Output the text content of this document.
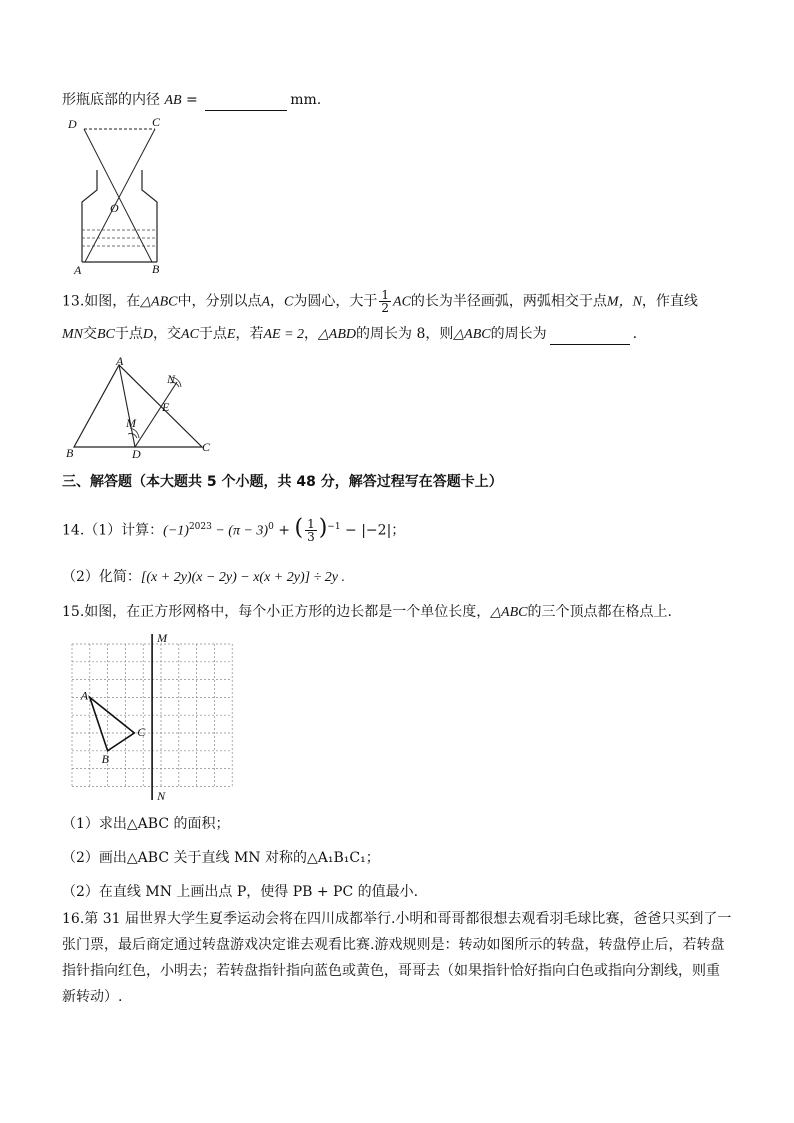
形瓶底部的内径 AB =	mm.
D	C
O
A	B
13.如图，在△ABC中，分别以点A，C为圆心，大于 $\frac{1}{2}$ AC的长为半径画弧，两弧相交于点M，N，作直线
MN交BC于点D，交AC于点E，若AE = 2，△ABD的周长为 8，则△ABC的周长为	.
A
N
E
M
B	D	C
三、解答题（本大题共 5 个小题，共 48 分，解答过程写在答题卡上）
14.（1）计算：$(-1)^{2023} - (\pi - 3)^0$ + ( $\frac{1}{3} )^{-1} - |-2|$；
（2）化简：[(x + 2y)(x − 2y) − x(x + 2y)] ÷ 2y .
15.如图，在正方形网格中，每个小正方形的边长都是一个单位长度，△ABC的三个顶点都在格点上.
M
N
A
B
C
（1）求出△ABC 的面积；
（2）画出△ABC 关于直线 MN 对称的△A₁B₁C₁；
（2）在直线 MN 上画出点 P，使得 PB + PC 的值最小.
16.第 31 届世界大学生夏季运动会将在四川成都举行.小明和哥哥都很想去观看羽毛球比赛，爸爸只买到了一
张门票，最后商定通过转盘游戏决定谁去观看比赛.游戏规则是：转动如图所示的转盘，转盘停止后，若转盘
指针指向红色，小明去；若转盘指针指向蓝色或黄色，哥哥去（如果指针恰好指向白色或指向分割线，则重
新转动）.
